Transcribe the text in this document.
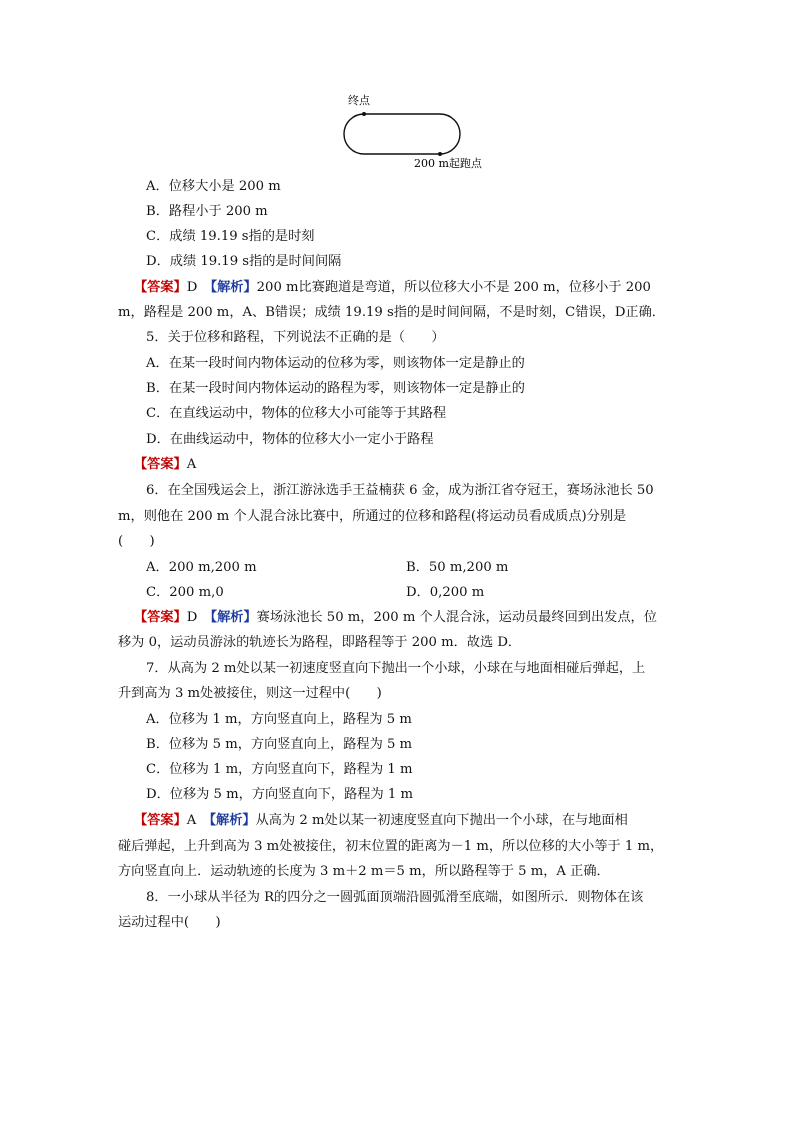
终点
200 m起跑点
A．位移大小是 200 m
B．路程小于 200 m
C．成绩 19.19 s指的是时刻
D．成绩 19.19 s指的是时间间隔
【答案】D　 【解析】200 m比赛跑道是弯道，所以位移大小不是 200 m，位移小于 200
m，路程是 200 m，A、B错误；成绩 19.19 s指的是时间间隔，不是时刻，C错误，D正确．
5．关于位移和路程，下列说法不正确的是（　　）
A．在某一段时间内物体运动的位移为零，则该物体一定是静止的
B．在某一段时间内物体运动的路程为零，则该物体一定是静止的
C．在直线运动中，物体的位移大小可能等于其路程
D．在曲线运动中，物体的位移大小一定小于路程
【答案】A
6．在全国残运会上，浙江游泳选手王益楠获 6 金，成为浙江省夺冠王，赛场泳池长 50
m，则他在 200 m 个人混合泳比赛中，所通过的位移和路程(将运动员看成质点)分别是
(　　)
A．200 m,200 m	B．50 m,200 m
C．200 m,0	D．0,200 m
【答案】D　 【解析】赛场泳池长 50 m，200 m 个人混合泳，运动员最终回到出发点，位
移为 0，运动员游泳的轨迹长为路程，即路程等于 200 m．故选 D．
7．从高为 2 m处以某一初速度竖直向下抛出一个小球，小球在与地面相碰后弹起，上
升到高为 3 m处被接住，则这一过程中(　　)
A．位移为 1 m，方向竖直向上，路程为 5 m
B．位移为 5 m，方向竖直向上，路程为 5 m
C．位移为 1 m，方向竖直向下，路程为 1 m
D．位移为 5 m，方向竖直向下，路程为 1 m
【答案】A　 【解析】从高为 2 m处以某一初速度竖直向下抛出一个小球，在与地面相
碰后弹起，上升到高为 3 m处被接住，初末位置的距离为－1 m，所以位移的大小等于 1 m，
方向竖直向上．运动轨迹的长度为 3 m＋2 m＝5 m，所以路程等于 5 m，A 正确．
8．一小球从半径为 R的四分之一圆弧面顶端沿圆弧滑至底端，如图所示．则物体在该
运动过程中(　　)
